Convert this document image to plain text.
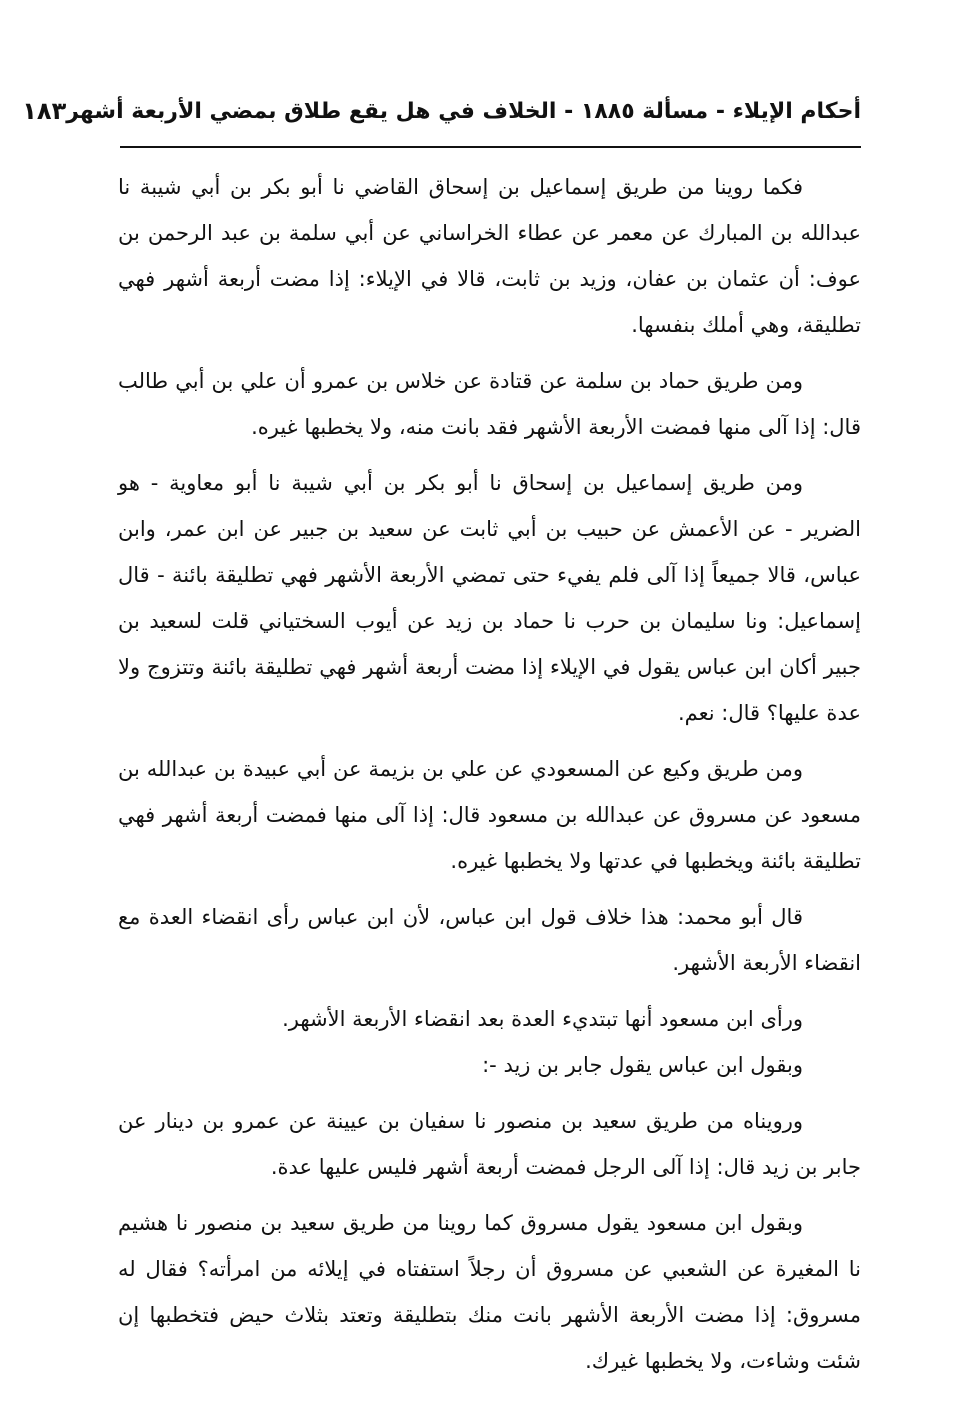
أحكام الإيلاء - مسألة ١٨٨٥ - الخلاف في هل يقع طلاق بمضي الأربعة أشهر
١٨٣

فكما روينا من طريق إسماعيل بن إسحاق القاضي نا أبو بكر بن أبي شيبة نا عبدالله بن المبارك عن معمر عن عطاء الخراساني عن أبي سلمة بن عبد الرحمن بن عوف: أن عثمان بن عفان، وزيد بن ثابت، قالا في الإيلاء: إذا مضت أربعة أشهر فهي تطليقة، وهي أملك بنفسها.

ومن طريق حماد بن سلمة عن قتادة عن خلاس بن عمرو أن علي بن أبي طالب قال: إذا آلى منها فمضت الأربعة الأشهر فقد بانت منه، ولا يخطبها غيره.

ومن طريق إسماعيل بن إسحاق نا أبو بكر بن أبي شيبة نا أبو معاوية - هو الضرير - عن الأعمش عن حبيب بن أبي ثابت عن سعيد بن جبير عن ابن عمر، وابن عباس، قالا جميعاً إذا آلى فلم يفيء حتى تمضي الأربعة الأشهر فهي تطليقة بائنة - قال إسماعيل: ونا سليمان بن حرب نا حماد بن زيد عن أيوب السختياني قلت لسعيد بن جبير أكان ابن عباس يقول في الإيلاء إذا مضت أربعة أشهر فهي تطليقة بائنة وتتزوج ولا عدة عليها؟ قال: نعم.

ومن طريق وكيع عن المسعودي عن علي بن بزيمة عن أبي عبيدة بن عبدالله بن مسعود عن مسروق عن عبدالله بن مسعود قال: إذا آلى منها فمضت أربعة أشهر فهي تطليقة بائنة ويخطبها في عدتها ولا يخطبها غيره.

قال أبو محمد: هذا خلاف قول ابن عباس، لأن ابن عباس رأى انقضاء العدة مع انقضاء الأربعة الأشهر.

ورأى ابن مسعود أنها تبتديء العدة بعد انقضاء الأربعة الأشهر.

وبقول ابن عباس يقول جابر بن زيد -:

ورويناه من طريق سعيد بن منصور نا سفيان بن عيينة عن عمرو بن دينار عن جابر بن زيد قال: إذا آلى الرجل فمضت أربعة أشهر فليس عليها عدة.

وبقول ابن مسعود يقول مسروق كما روينا من طريق سعيد بن منصور نا هشيم نا المغيرة عن الشعبي عن مسروق أن رجلاً استفتاه في إيلائه من امرأته؟ فقال له مسروق: إذا مضت الأربعة الأشهر بانت منك بتطليقة وتعتد بثلاث حيض فتخطبها إن شئت وشاءت، ولا يخطبها غيرك.
